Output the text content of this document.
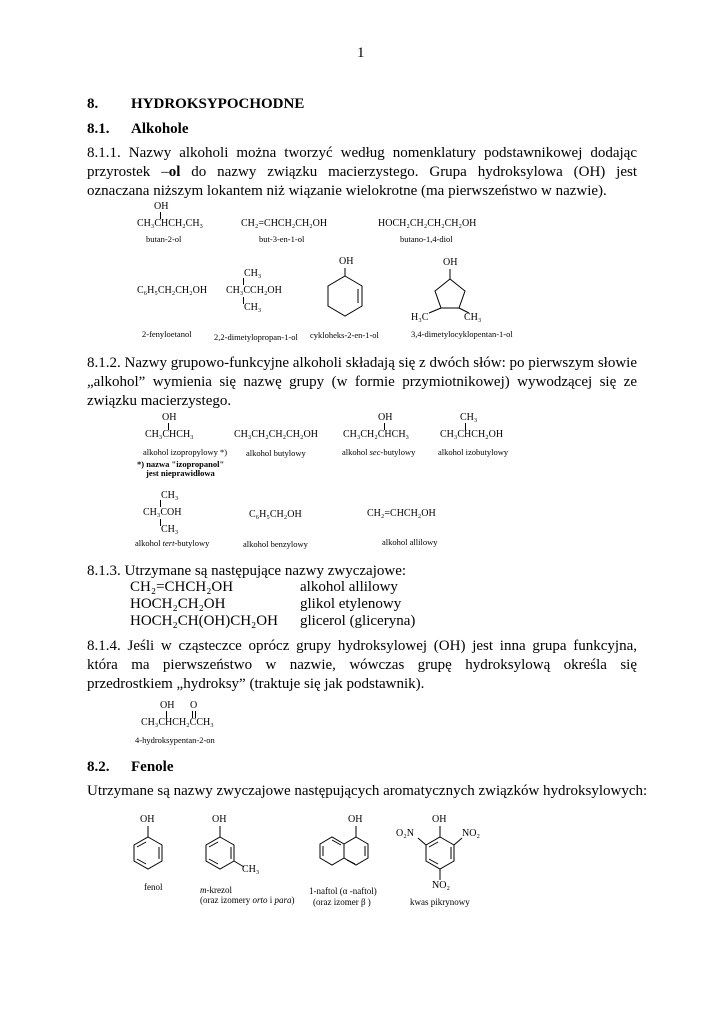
1
8. HYDROKSYPOCHODNE
8.1. Alkohole
8.1.1. Nazwy alkoholi można tworzyć według nomenklatury podstawnikowej dodając przyrostek –ol do nazwy związku macierzystego. Grupa hydroksylowa (OH) jest oznaczana niższym lokantem niż wiązanie wielokrotne (ma pierwszeństwo w nazwie).
OH
CH₃CHCH₂CH₃
butan-2-ol
CH₂=CHCH₂CH₂OH
but-3-en-1-ol
HOCH₂CH₂CH₂CH₂OH
butano-1,4-diol
C₆H₅CH₂CH₂OH
2-fenyloetanol
CH₃
CH₃CCH₂OH
CH₃
2,2-dimetylopropan-1-ol
OH
cykloheks-2-en-1-ol
OH
H₃C	CH₃
3,4-dimetylocyklopentan-1-ol
8.1.2. Nazwy grupowo-funkcyjne alkoholi składają się z dwóch słów: po pierwszym słowie „alkohol” wymienia się nazwę grupy (w formie przymiotnikowej) wywodzącej się ze związku macierzystego.
OH
CH₃CHCH₃
alkohol izopropylowy *)
*) nazwa "izopropanol"
jest nieprawidłowa
CH₃CH₂CH₂CH₂OH
alkohol butylowy
OH
CH₃CH₂CHCH₃
alkohol sec-butylowy
CH₃
CH₃CHCH₂OH
alkohol izobutylowy
CH₃
CH₃COH
CH₃
alkohol tert-butylowy
C₆H₅CH₂OH
alkohol benzylowy
CH₂=CHCH₂OH
alkohol allilowy
8.1.3. Utrzymane są następujące nazwy zwyczajowe:
CH₂=CHCH₂OH	alkohol allilowy
HOCH₂CH₂OH	glikol etylenowy
HOCH₂CH(OH)CH₂OH glicerol (gliceryna)
8.1.4. Jeśli w cząsteczce oprócz grupy hydroksylowej (OH) jest inna grupa funkcyjna, która ma pierwszeństwo w nazwie, wówczas grupę hydroksylową określa się przedrostkiem „hydroksy” (traktuje się jak podstawnik).
OH O
CH₃CHCH₂CCH₃
4-hydroksypentan-2-on
8.2. Fenole
Utrzymane są nazwy zwyczajowe następujących aromatycznych związków hydroksylowych:
OH
fenol
OH
CH₃
m-krezol
(oraz izomery orto i para)
OH
1-naftol (α -naftol)
(oraz izomer β )
OH
O₂N	NO₂
NO₂
kwas pikrynowy
